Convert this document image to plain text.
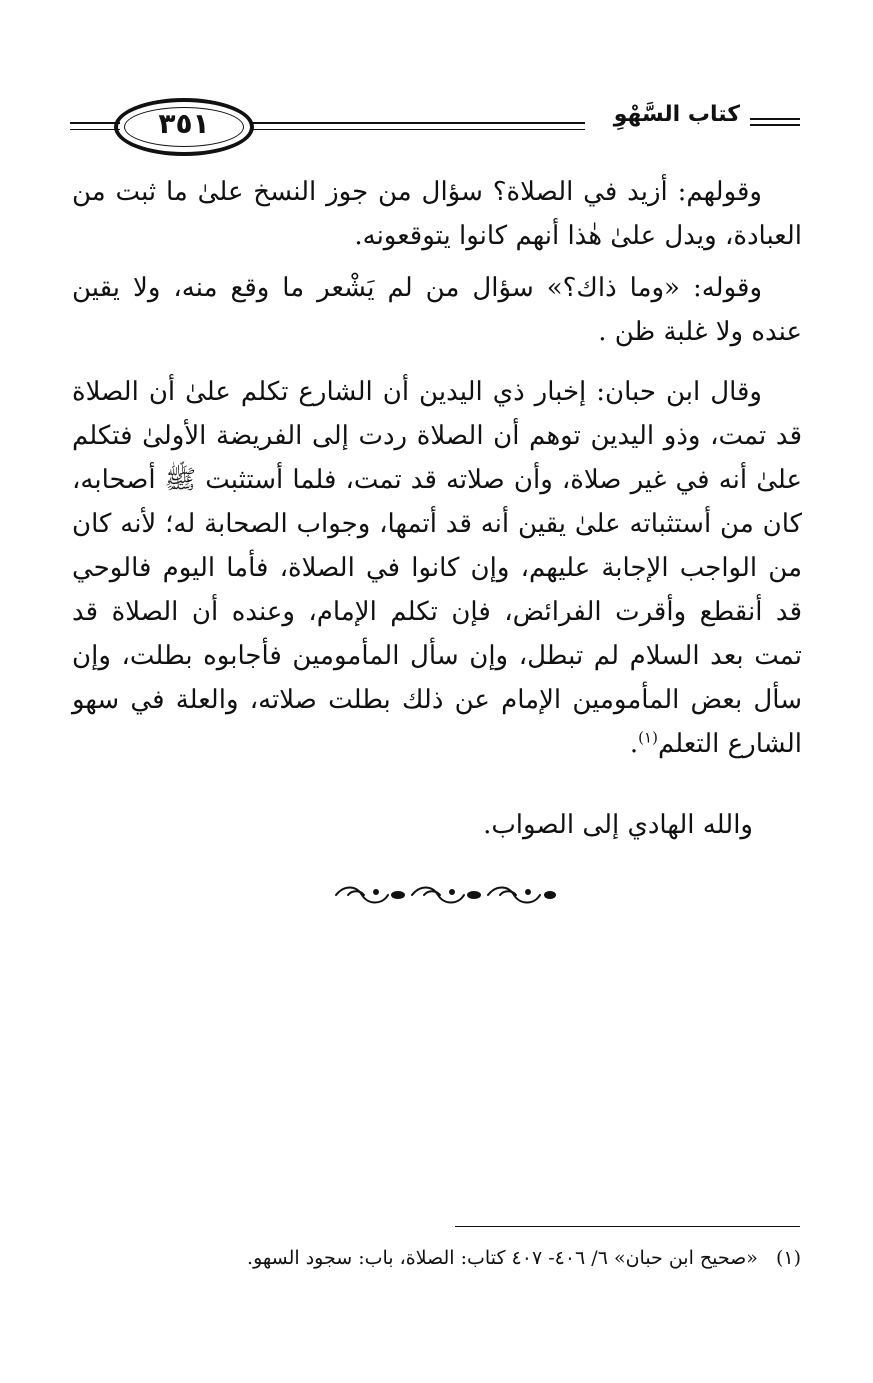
كتاب السَّهْوِ
٣٥١

وقولهم: أزيد في الصلاة؟ سؤال من جوز النسخ علىٰ ما ثبت من العبادة، ويدل علىٰ هٰذا أنهم كانوا يتوقعونه.

وقوله: «وما ذاك؟» سؤال من لم يَشْعر ما وقع منه، ولا يقين عنده ولا غلبة ظن .

وقال ابن حبان: إخبار ذي اليدين أن الشارع تكلم علىٰ أن الصلاة قد تمت، وذو اليدين توهم أن الصلاة ردت إلى الفريضة الأولىٰ فتكلم علىٰ أنه في غير صلاة، وأن صلاته قد تمت، فلما أستثبت ﷺ أصحابه، كان من أستثباته علىٰ يقين أنه قد أتمها، وجواب الصحابة له؛ لأنه كان من الواجب الإجابة عليهم، وإن كانوا في الصلاة، فأما اليوم فالوحي قد أنقطع وأقرت الفرائض، فإن تكلم الإمام، وعنده أن الصلاة قد تمت بعد السلام لم تبطل، وإن سأل المأمومين فأجابوه بطلت، وإن سأل بعض المأمومين الإمام عن ذلك بطلت صلاته، والعلة في سهو الشارع التعلم$^{(١)}$.

والله الهادي إلى الصواب.
(١)«صحيح ابن حبان» ٦/ ٤٠٦- ٤٠٧ كتاب: الصلاة، باب: سجود السهو.
